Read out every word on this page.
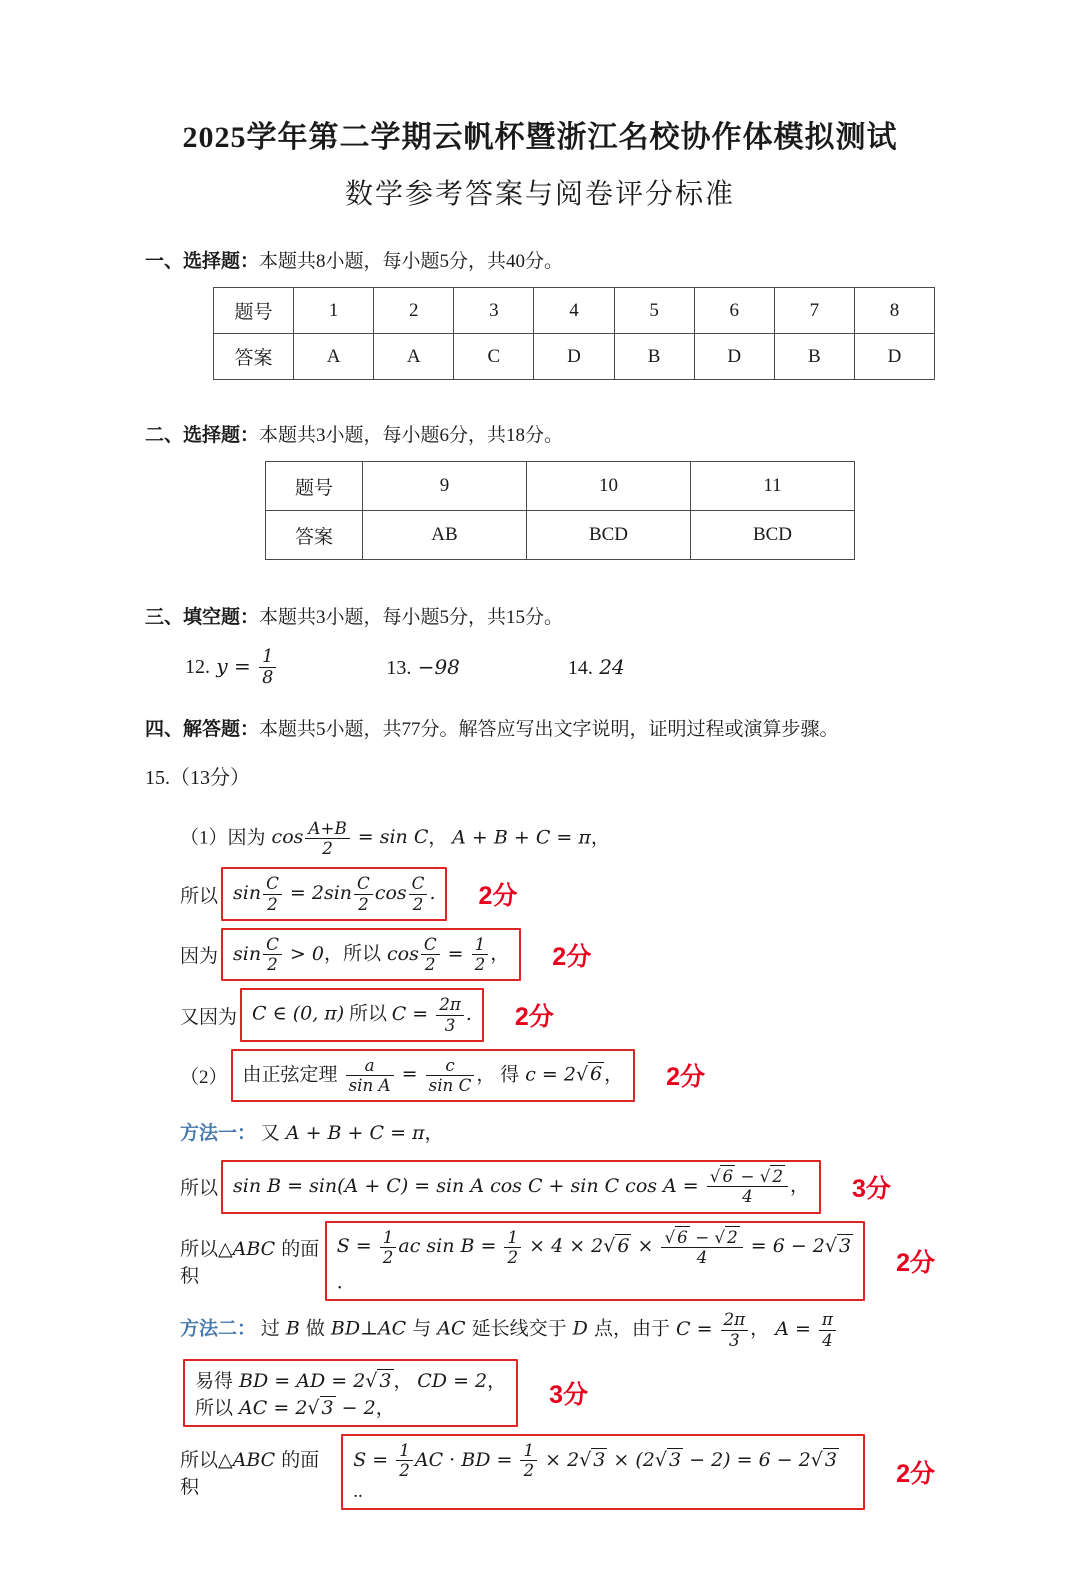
2025学年第二学期云帆杯暨浙江名校协作体模拟测试
数学参考答案与阅卷评分标准
一、选择题：本题共8小题，每小题5分，共40分。
题号	1	2	3	4	5	6	7	8
答案	A	A	C	D	B	D	B	D
二、选择题：本题共3小题，每小题6分，共18分。
题号	9	10	11
答案	AB	BCD	BCD
三、填空题：本题共3小题，每小题5分，共15分。
12. $y = \frac{1}{8}$	13. −98	14. 24
四、解答题：本题共5小题，共77分。解答应写出文字说明，证明过程或演算步骤。
15.（13分）
（1）因为 $\cos \frac{A+B}{2} = \sin C$， A + B + C = π，
所以 $\sin \frac{C}{2} = 2\sin \frac{C}{2}$ $\cos \frac{C}{2}$ .	2分
因为 $\sin \frac{C}{2} > 0$，所以 $\cos \frac{C}{2} = \frac{1}{2}$ ，	2分
又因为 C ∈ (0, π) 所以 $C = \frac{2\pi}{3}$ .	2分
（2） 由正弦定理 $\frac{a}{\text{sin A}} = \frac{c}{\text{sin C}}$ ， 得 c = 2√ 6 ，	2分
方法一： 又 A + B + C = π，
所以 sin B = sin(A + C) = sin A cos C + sin C $\cos A = \frac{√ 6 - √ 2}{4}$ ，	3分
所以△ABC 的面积
$S = \frac{1}{2}$ ac $\sin B = \frac{1}{2} \times 4 \times 2√$ $6 \times \frac{√ 6 - √ 2}{4} = 6 - 2√$ 3 ．
2分
方法二： 过 B 做 BD⊥AC 与 AC 延长线交于 D 点，由于 $C = \frac{2\pi}{3}$ ， $A = \frac{\pi}{4}$
易得 BD = AD = 2√ 3 ， CD = 2，
所以 AC = 2√ 3 − 2，	3分
所以△ABC 的面积
$S = \frac{1}{2}$ AC · BD = $\frac{1}{2} \times 2√$ 3 × (2√ 3 − 2) = 6 − 2√ 3 ..
2分
